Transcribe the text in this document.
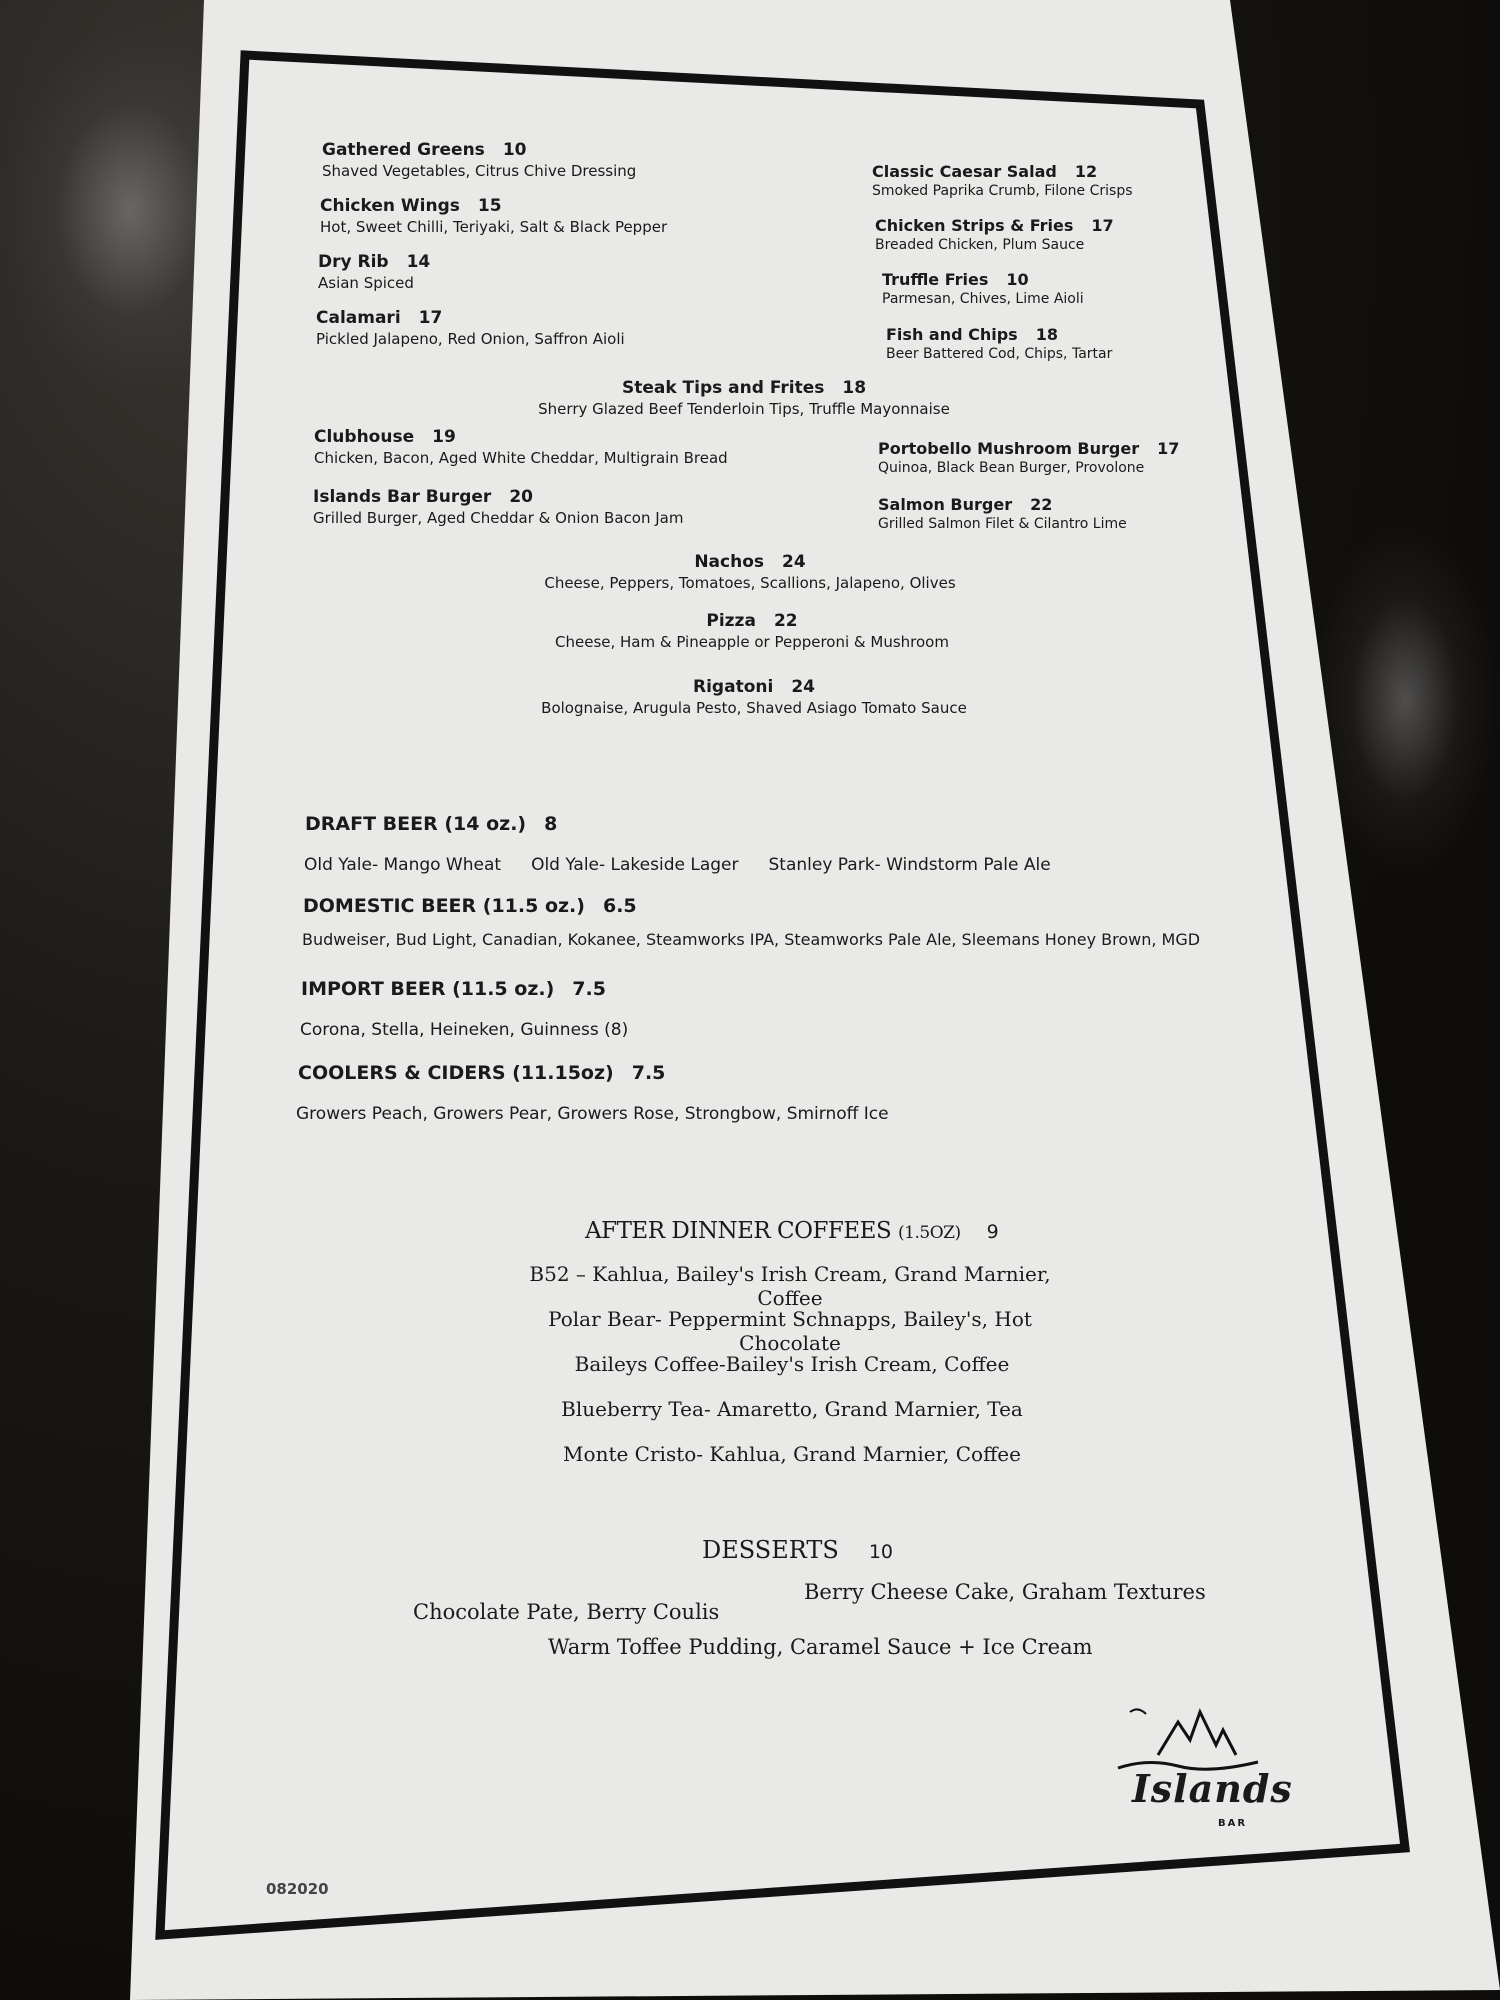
Gathered Greens 10
Shaved Vegetables, Citrus Chive Dressing
Chicken Wings 15
Hot, Sweet Chilli, Teriyaki, Salt & Black Pepper
Dry Rib 14
Asian Spiced
Calamari 17
Pickled Jalapeno, Red Onion, Saffron Aioli
Classic Caesar Salad 12
Smoked Paprika Crumb, Filone Crisps
Chicken Strips & Fries 17
Breaded Chicken, Plum Sauce
Truffle Fries 10
Parmesan, Chives, Lime Aioli
Fish and Chips 18
Beer Battered Cod, Chips, Tartar
Steak Tips and Frites 18
Sherry Glazed Beef Tenderloin Tips, Truffle Mayonnaise
Clubhouse 19
Chicken, Bacon, Aged White Cheddar, Multigrain Bread
Islands Bar Burger 20
Grilled Burger, Aged Cheddar & Onion Bacon Jam
Portobello Mushroom Burger 17
Quinoa, Black Bean Burger, Provolone
Salmon Burger 22
Grilled Salmon Filet & Cilantro Lime
Nachos 24
Cheese, Peppers, Tomatoes, Scallions, Jalapeno, Olives
Pizza 22
Cheese, Ham & Pineapple or Pepperoni & Mushroom
Rigatoni 24
Bolognaise, Arugula Pesto, Shaved Asiago Tomato Sauce
DRAFT BEER (14 oz.) 8
Old Yale- Mango Wheat Old Yale- Lakeside Lager Stanley Park- Windstorm Pale Ale
DOMESTIC BEER (11.5 oz.) 6.5
Budweiser, Bud Light, Canadian, Kokanee, Steamworks IPA, Steamworks Pale Ale, Sleemans Honey Brown, MGD
IMPORT BEER (11.5 oz.) 7.5
Corona, Stella, Heineken, Guinness (8)
COOLERS & CIDERS (11.15oz) 7.5
Growers Peach, Growers Pear, Growers Rose, Strongbow, Smirnoff Ice
AFTER DINNER COFFEES (1.5OZ) 9
B52 – Kahlua, Bailey's Irish Cream, Grand Marnier, Coffee
Polar Bear- Peppermint Schnapps, Bailey's, Hot Chocolate
Baileys Coffee-Bailey's Irish Cream, Coffee
Blueberry Tea- Amaretto, Grand Marnier, Tea
Monte Cristo- Kahlua, Grand Marnier, Coffee
DESSERTS 10
Chocolate Pate, Berry Coulis
Berry Cheese Cake, Graham Textures
Warm Toffee Pudding, Caramel Sauce + Ice Cream
082020
Islands
BAR
